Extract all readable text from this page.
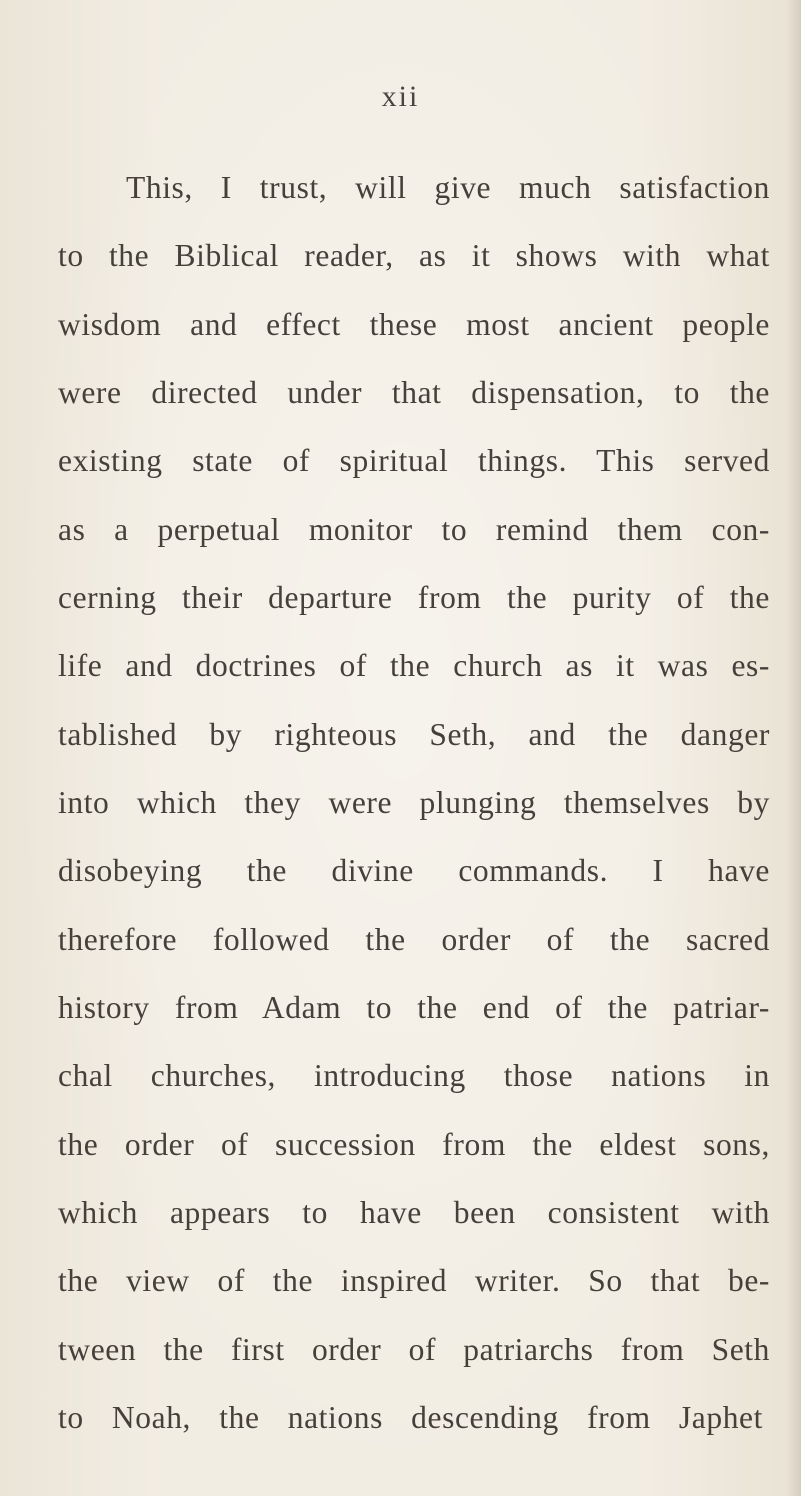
xii
This, I trust, will give much satisfaction
to the Biblical reader, as it shows with what
wisdom and effect these most ancient people
were directed under that dispensation, to the
existing state of spiritual things. This served
as a perpetual monitor to remind them con-
cerning their departure from the purity of the
life and doctrines of the church as it was es-
tablished by righteous Seth, and the danger
into which they were plunging themselves by
disobeying the divine commands. I have
therefore followed the order of the sacred
history from Adam to the end of the patriar-
chal churches, introducing those nations in
the order of succession from the eldest sons,
which appears to have been consistent with
the view of the inspired writer. So that be-
tween the first order of patriarchs from Seth
to Noah, the nations descending from Japhet
